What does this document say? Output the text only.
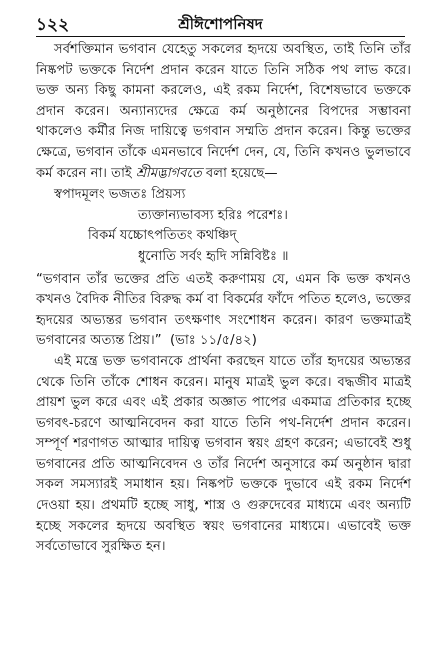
১২২	শ্রীঈশোপনিষদ

সর্বশক্তিমান ভগবান যেহেতু সকলের হৃদয়ে অবস্থিত, তাই তিনি তাঁর নিষ্কপট ভক্তকে নির্দেশ প্রদান করেন যাতে তিনি সঠিক পথ লাভ করে। ভক্ত অন্য কিছু কামনা করলেও, এই রকম নির্দেশ, বিশেষভাবে ভক্তকে প্রদান করেন। অন্যান্যদের ক্ষেত্রে কর্ম অনুষ্ঠানের বিপদের সম্ভাবনা থাকলেও কর্মীর নিজ দায়িত্বে ভগবান সম্মতি প্রদান করেন। কিন্তু ভক্তের ক্ষেত্রে, ভগবান তাঁকে এমনভাবে নির্দেশ দেন, যে, তিনি কখনও ভুলভাবে কর্ম করেন না। তাই শ্রীমদ্ভাগবতে বলা হয়েছে—

স্বপাদমূলং ভজতঃ প্রিয়স্য
ত্যক্তান্যভাবস্য হরিঃ পরেশঃ।
বিকর্ম যচ্চোৎপতিতং কথঞ্চিদ্
ধুনোতি সর্বং হৃদি সন্নিবিষ্টঃ ॥

“ভগবান তাঁর ভক্তের প্রতি এতই করুণাময় যে, এমন কি ভক্ত কখনও কখনও বৈদিক নীতির বিরুদ্ধ কর্ম বা বিকর্মের ফাঁদে পতিত হলেও, ভক্তের হৃদয়ের অভ্যন্তর ভগবান তৎক্ষণাৎ সংশোধন করেন। কারণ ভক্তমাত্রই ভগবানের অত্যন্ত প্রিয়।” (ভাঃ ১১/৫/৪২)

এই মন্ত্রে ভক্ত ভগবানকে প্রার্থনা করছেন যাতে তাঁর হৃদয়ের অভ্যন্তর থেকে তিনি তাঁকে শোধন করেন। মানুষ মাত্রই ভুল করে। বদ্ধজীব মাত্রই প্রায়শ ভুল করে এবং এই প্রকার অজ্ঞাত পাপের একমাত্র প্রতিকার হচ্ছে ভগবৎ-চরণে আত্মনিবেদন করা যাতে তিনি পথ-নির্দেশ প্রদান করেন। সম্পূর্ণ শরণাগত আত্মার দায়িত্ব ভগবান স্বয়ং গ্রহণ করেন; এভাবেই শুধু ভগবানের প্রতি আত্মনিবেদন ও তাঁর নির্দেশ অনুসারে কর্ম অনুষ্ঠান দ্বারা সকল সমস্যারই সমাধান হয়। নিষ্কপট ভক্তকে দুভাবে এই রকম নির্দেশ দেওয়া হয়। প্রথমটি হচ্ছে সাধু, শাস্ত্র ও গুরুদেবের মাধ্যমে এবং অন্যটি হচ্ছে সকলের হৃদয়ে অবস্থিত স্বয়ং ভগবানের মাধ্যমে। এভাবেই ভক্ত সর্বতোভাবে সুরক্ষিত হন।
